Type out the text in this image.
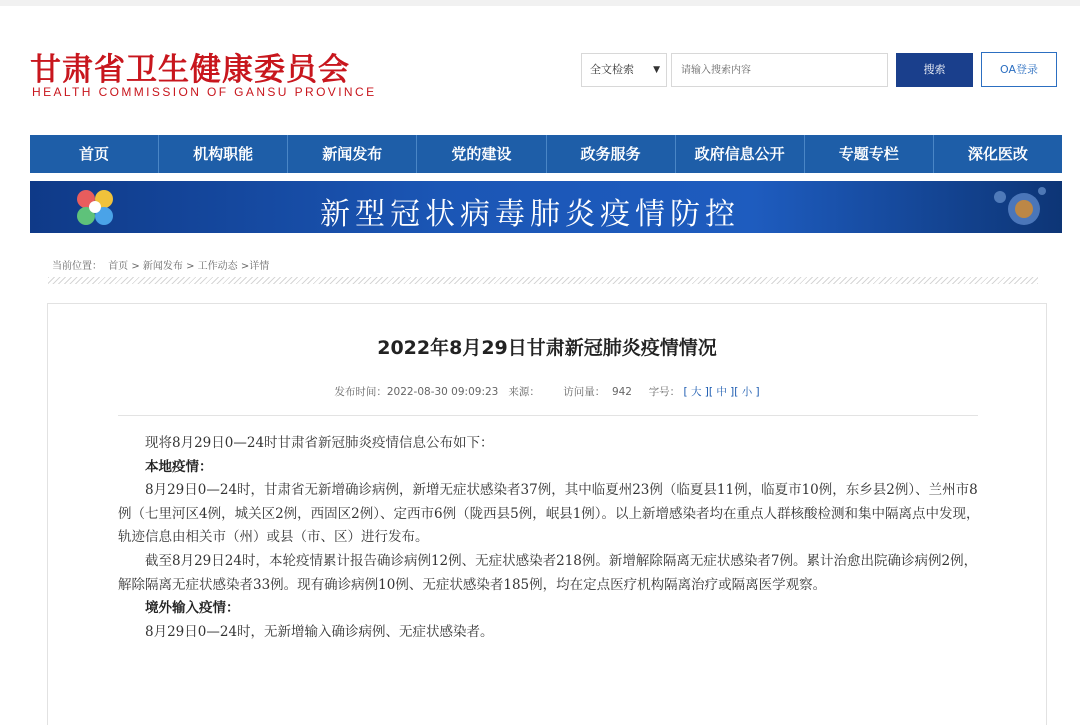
甘肃省卫生健康委员会
HEALTH COMMISSION OF GANSU PROVINCE
全文检索 ▼
请输入搜索内容	搜索	OA登录
首页	机构职能	新闻发布	党的建设	政务服务	政府信息公开	专题专栏	深化医改
新型冠状病毒肺炎疫情防控
当前位置： 首页 > 新闻发布 > 工作动态 >详情
2022年8月29日甘肃新冠肺炎疫情情况
发布时间：2022-08-30 09:09:23 来源： 访问量： 942 字号： [ 大 ][ 中 ][ 小 ]

现将8月29日0—24时甘肃省新冠肺炎疫情信息公布如下：

本地疫情：

8月29日0—24时，甘肃省无新增确诊病例，新增无症状感染者37例，其中临夏州23例（临夏县11例，临夏市10例，东乡县2例）、兰州市8例（七里河区4例，城关区2例，西固区2例）、定西市6例（陇西县5例，岷县1例）。以上新增感染者均在重点人群核酸检测和集中隔离点中发现，轨迹信息由相关市（州）或县（市、区）进行发布。

截至8月29日24时，本轮疫情累计报告确诊病例12例、无症状感染者218例。新增解除隔离无症状感染者7例。累计治愈出院确诊病例2例，解除隔离无症状感染者33例。现有确诊病例10例、无症状感染者185例，均在定点医疗机构隔离治疗或隔离医学观察。

境外输入疫情：

8月29日0—24时，无新增输入确诊病例、无症状感染者。
